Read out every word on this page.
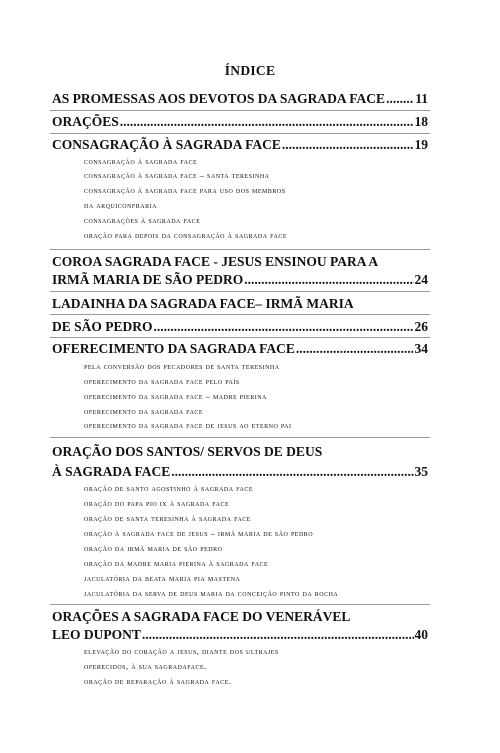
ÍNDICE
AS PROMESSAS AOS DEVOTOS DA SAGRADA FACE ..... 11
ORAÇÕES .....	18
CONSAGRAÇÃO À SAGRADA FACE .....	19
consagração à sagrada face
consagração à sagrada face – santa teresinha
consagração à sagrada face para uso dos membros
da arquiconfraria
consagrações à sagrada face
oração para depois da consagração à sagrada face
COROA SAGRADA FACE - JESUS ENSINOU PARA A
IRMÃ MARIA DE SÃO PEDRO .....	24
LADAINHA DA SAGRADA FACE– IRMÃ MARIA
DE SÃO PEDRO .....	26
OFERECIMENTO DA SAGRADA FACE .....	34
pela conversão dos pecadores de santa teresinha
oferecimento da sagrada face pelo país
oferecimento da sagrada face – madre pierina
oferecimento da sagrada face
oferecimento da sagrada face de jesus ao eterno pai
ORAÇÃO DOS SANTOS/ SERVOS DE DEUS
À SAGRADA FACE .....	35
oração de santo agostinho à sagrada face
oração do papa pio ix à sagrada face
oração de santa teresinha à sagrada face
oração à sagrada face de jesus – irmã maria de são pedro
oração da irmã maria de são pedro
oração da madre maria pierina à sagrada face
jaculatória da beata maria pia mastena
jaculatória da serva de deus maria da conceição pinto da rocha
ORAÇÕES A SAGRADA FACE DO VENERÁVEL
LEO DUPONT .....	40
elevação do coração a jesus, diante dos ultrajes
oferecidos, à sua sagradaface.
oração de reparação à sagrada face.
